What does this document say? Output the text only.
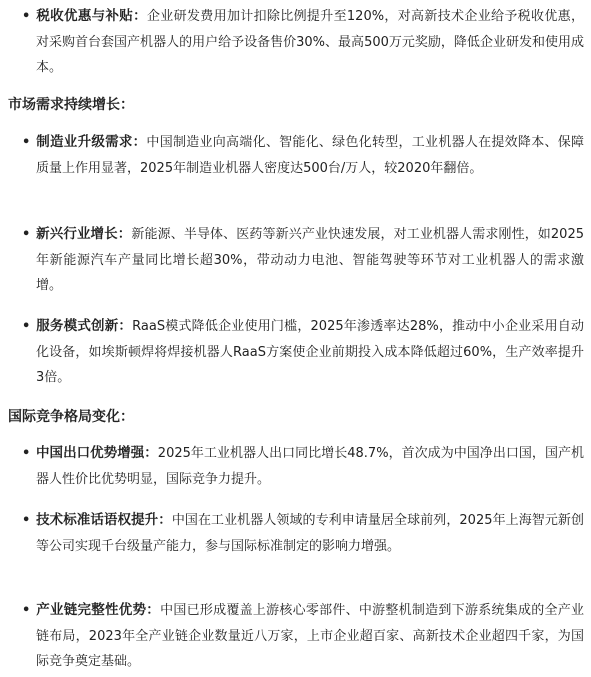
• 税收优惠与补贴：企业研发费用加计扣除比例提升至120%，对高新技术企业给予税收优惠，对采购首台套国产机器人的用户给予设备售价30%、最高500万元奖励，降低企业研发和使用成本。
市场需求持续增长：
• 制造业升级需求：中国制造业向高端化、智能化、绿色化转型，工业机器人在提效降本、保障质量上作用显著，2025年制造业机器人密度达500台/万人，较2020年翻倍。
• 新兴行业增长：新能源、半导体、医药等新兴产业快速发展，对工业机器人需求刚性，如2025年新能源汽车产量同比增长超30%，带动动力电池、智能驾驶等环节对工业机器人的需求激增。
• 服务模式创新：RaaS模式降低企业使用门槛，2025年渗透率达28%，推动中小企业采用自动化设备，如埃斯顿焊将焊接机器人RaaS方案使企业前期投入成本降低超过60%，生产效率提升3倍。
国际竞争格局变化：
• 中国出口优势增强：2025年工业机器人出口同比增长48.7%，首次成为中国净出口国，国产机器人性价比优势明显，国际竞争力提升。
• 技术标准话语权提升：中国在工业机器人领域的专利申请量居全球前列，2025年上海智元新创等公司实现千台级量产能力，参与国际标准制定的影响力增强。
• 产业链完整性优势：中国已形成覆盖上游核心零部件、中游整机制造到下游系统集成的全产业链布局，2023年全产业链企业数量近八万家，上市企业超百家、高新技术企业超四千家，为国际竞争奠定基础。
